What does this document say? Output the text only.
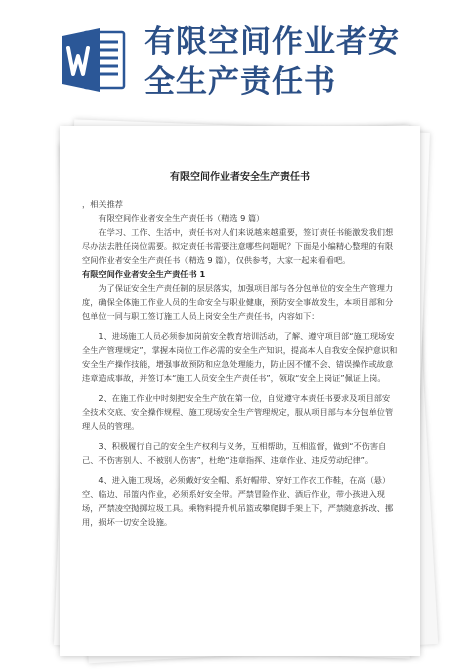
有限空间作业者安
全生产责任书
有限空间作业者安全生产责任书

，相关推荐

有限空间作业者安全生产责任书（精选 9 篇）

在学习、工作、生活中，责任书对人们来说越来越重要，签订责任书能激发我们想尽办法去胜任岗位需要。拟定责任书需要注意哪些问题呢？下面是小编精心整理的有限空间作业者安全生产责任书（精选 9 篇），仅供参考，大家一起来看看吧。

有限空间作业者安全生产责任书 1

为了保证安全生产责任制的层层落实，加强项目部与各分包单位的安全生产管理力度，确保全体施工作业人员的生命安全与职业健康，预防安全事故发生，本项目部和分包单位一同与职工签订施工人员上岗安全生产责任书，内容如下：

1、进场施工人员必须参加岗前安全教育培训活动，了解、遵守项目部“施工现场安全生产管理规定”，掌握本岗位工作必需的安全生产知识，提高本人自我安全保护意识和安全生产操作技能，增强事故预防和应急处理能力，防止因不懂不会、错误操作或故意违章造成事故，并签订本“施工人员安全生产责任书”，领取“安全上岗证”佩证上岗。

2、在施工作业中时刻把安全生产放在第一位，自觉遵守本责任书要求及项目部安全技术交底、安全操作规程、施工现场安全生产管理规定，服从项目部与本分包单位管理人员的管理。

3、积极履行自己的安全生产权利与义务，互相帮助，互相监督，做到“不伤害自己、不伤害别人、不被别人伤害”，杜绝“违章指挥、违章作业、违反劳动纪律”。

4、进入施工现场，必须戴好安全帽、系好帽带、穿好工作衣工作鞋，在高（悬）空、临边、吊篮内作业，必须系好安全带。严禁冒险作业、酒后作业，带小孩进入现场，严禁凌空抛掷垃圾工具。乘物料提升机吊篮或攀爬脚手架上下，严禁随意拆改、挪用，损坏一切安全设施。
